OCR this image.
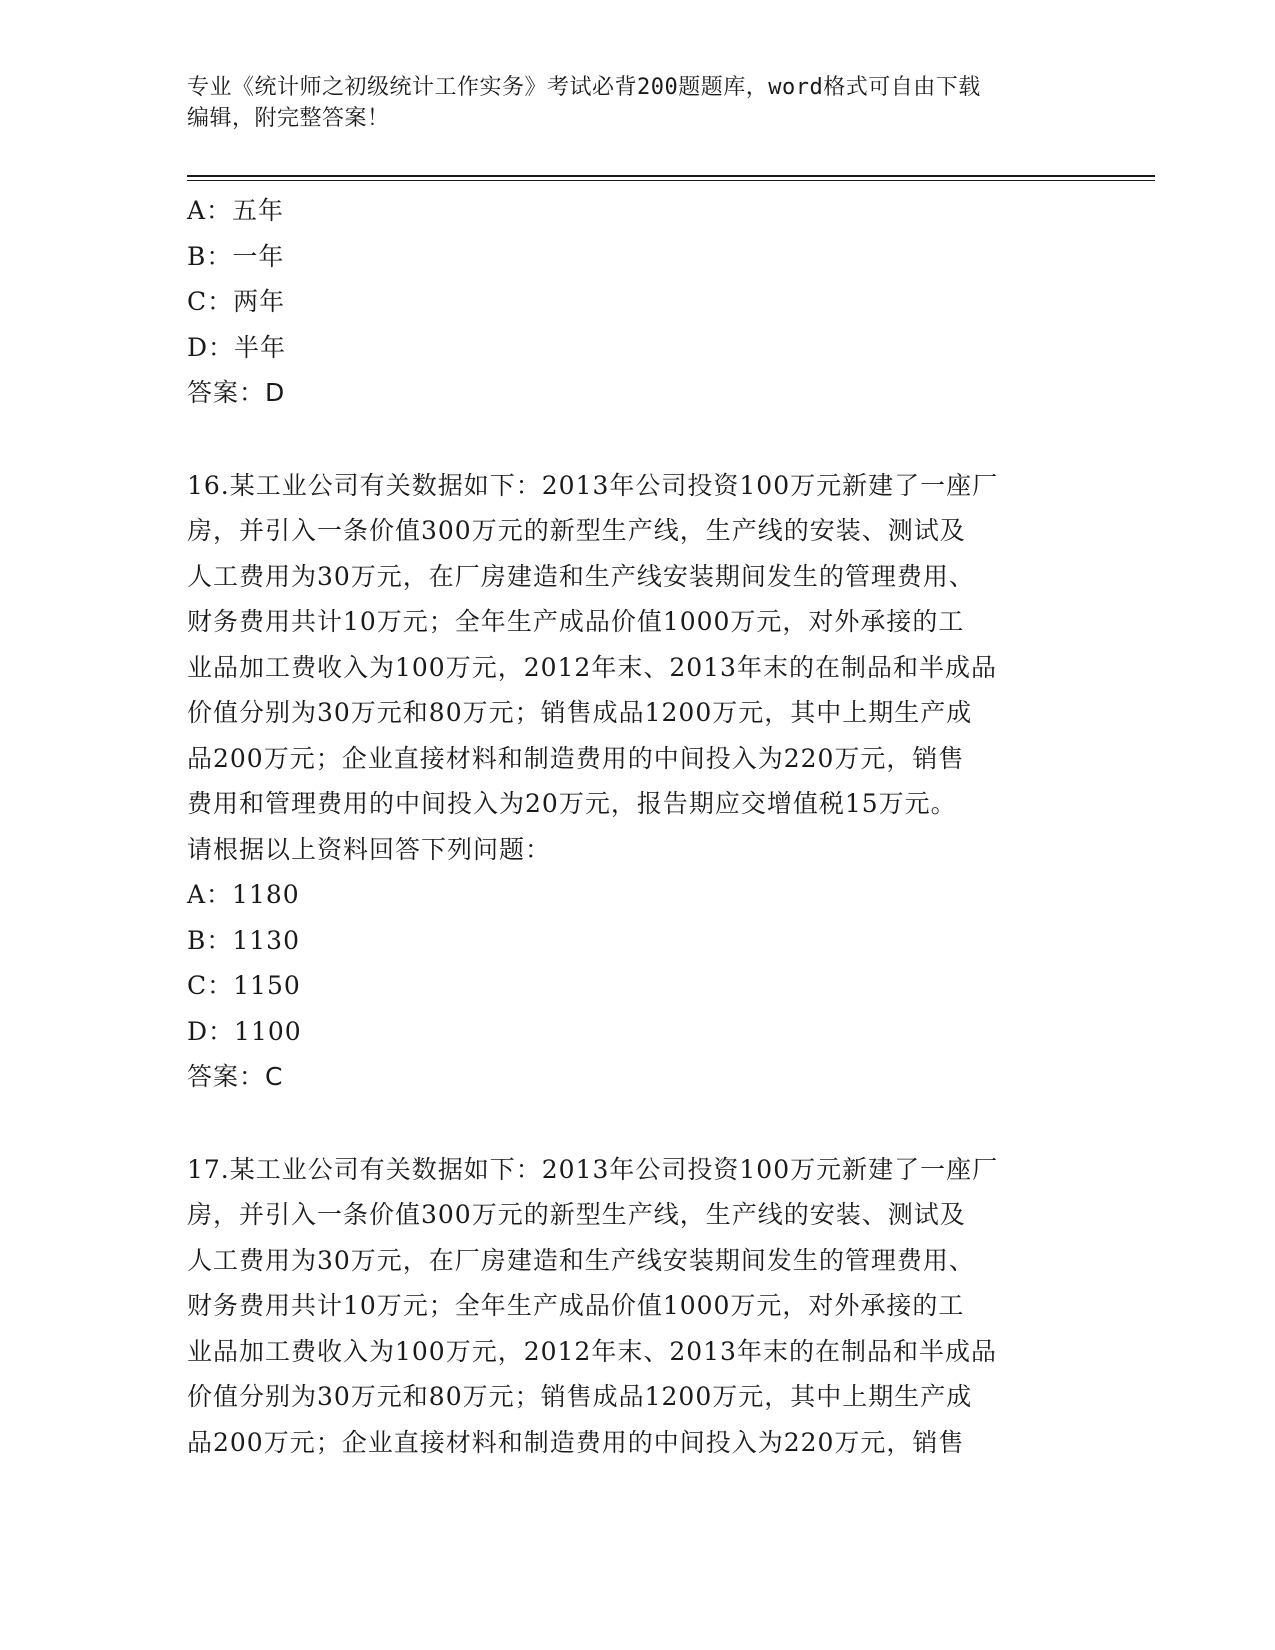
专业《统计师之初级统计工作实务》考试必背200题题库，word格式可自由下载
编辑，附完整答案！
A：五年
B：一年
C：两年
D：半年
答案：D
16.某工业公司有关数据如下：2013年公司投资100万元新建了一座厂
房，并引入一条价值300万元的新型生产线，生产线的安装、测试及
人工费用为30万元，在厂房建造和生产线安装期间发生的管理费用、
财务费用共计10万元；全年生产成品价值1000万元，对外承接的工
业品加工费收入为100万元，2012年末、2013年末的在制品和半成品
价值分别为30万元和80万元；销售成品1200万元，其中上期生产成
品200万元；企业直接材料和制造费用的中间投入为220万元，销售
费用和管理费用的中间投入为20万元，报告期应交增值税15万元。
请根据以上资料回答下列问题：
A：1180
B：1130
C：1150
D：1100
答案：C
17.某工业公司有关数据如下：2013年公司投资100万元新建了一座厂
房，并引入一条价值300万元的新型生产线，生产线的安装、测试及
人工费用为30万元，在厂房建造和生产线安装期间发生的管理费用、
财务费用共计10万元；全年生产成品价值1000万元，对外承接的工
业品加工费收入为100万元，2012年末、2013年末的在制品和半成品
价值分别为30万元和80万元；销售成品1200万元，其中上期生产成
品200万元；企业直接材料和制造费用的中间投入为220万元，销售
